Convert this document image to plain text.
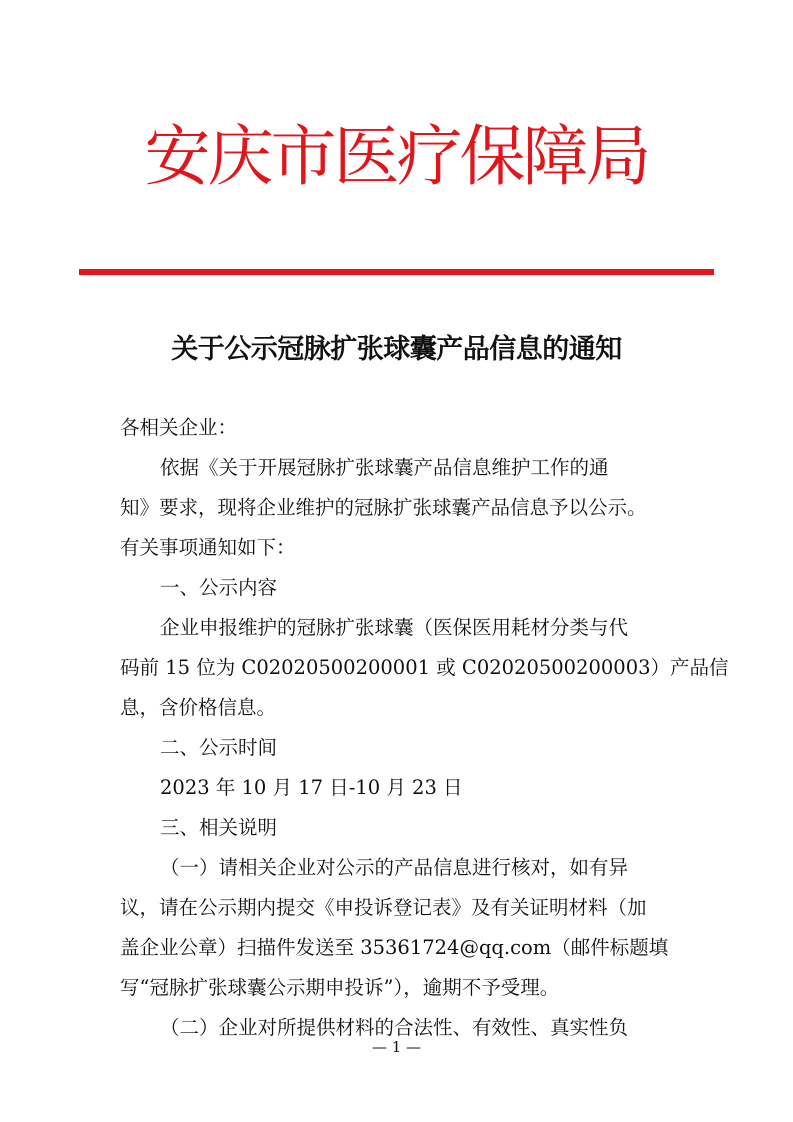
安庆市医疗保障局
关于公示冠脉扩张球囊产品信息的通知

各相关企业：

依据《关于开展冠脉扩张球囊产品信息维护工作的通

知》要求，现将企业维护的冠脉扩张球囊产品信息予以公示。

有关事项通知如下：

一、公示内容

企业申报维护的冠脉扩张球囊（医保医用耗材分类与代

码前 15 位为 C02020500200001 或 C02020500200003）产品信

息，含价格信息。

二、公示时间

2023 年 10 月 17 日-10 月 23 日

三、相关说明

（一）请相关企业对公示的产品信息进行核对，如有异

议，请在公示期内提交《申投诉登记表》及有关证明材料（加

盖企业公章）扫描件发送至 35361724@qq.com（邮件标题填

写“冠脉扩张球囊公示期申投诉”），逾期不予受理。

（二）企业对所提供材料的合法性、有效性、真实性负

— 1 —
